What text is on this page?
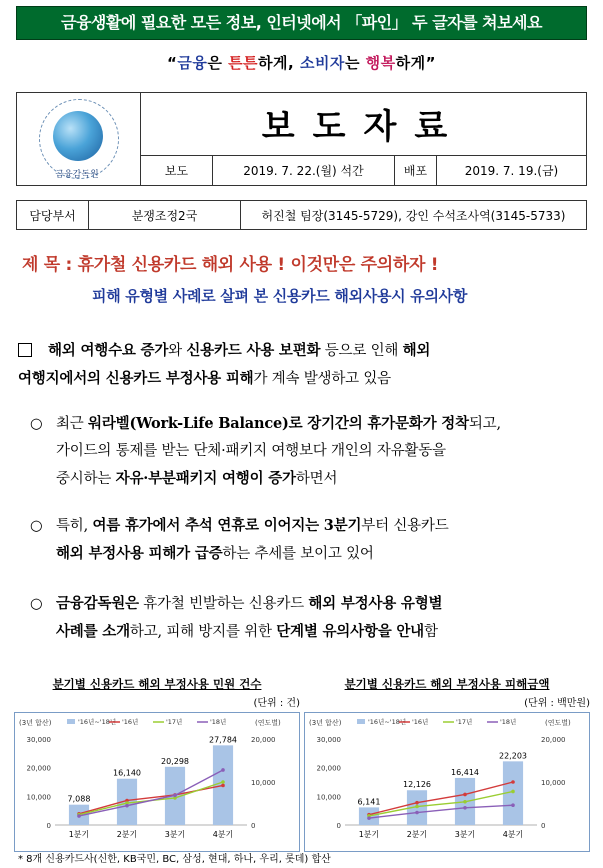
금융생활에 필요한 모든 정보, 인터넷에서 「파인」 두 글자를 쳐보세요
“금융은 튼튼하게, 소비자는 행복하게”
금융감독원	보도자료			
	보도	2019. 7. 22.(월) 석간	배포	2019. 7. 19.(금)
담당부서	분쟁조정2국	허진철 팀장(3145-5729), 강인 수석조사역(3145-5733)
제 목 : 휴가철 신용카드 해외 사용 ! 이것만은 주의하자 !
피해 유형별 사례로 살펴 본 신용카드 해외사용시 유의사항
해외 여행수요 증가와 신용카드 사용 보편화 등으로 인해 해외
여행지에서의 신용카드 부정사용 피해가 계속 발생하고 있음
○ 최근 워라벨(Work-Life Balance)로 장기간의 휴가문화가 정착되고,
가이드의 통제를 받는 단체·패키지 여행보다 개인의 자유활동을
중시하는 자유·부분패키지 여행이 증가하면서
○ 특히, 여름 휴가에서 추석 연휴로 이어지는 3분기부터 신용카드
해외 부정사용 피해가 급증하는 추세를 보이고 있어
○ 금융감독원은 휴가철 빈발하는 신용카드 해외 부정사용 유형별
사례를 소개하고, 피해 방지를 위한 단계별 유의사항을 안내함
분기별 신용카드 해외 부정사용 민원 건수
(단위 : 건)
(3년 합산)	(연도별)
'16년~'18년 '16년	'17년	'18년
0
10,000
20,000
30,000
0
10,000
20,000
7,088
1분기
16,140
2분기
20,298
3분기
27,784
4분기
분기별 신용카드 해외 부정사용 피해금액
(단위 : 백만원)
(3년 합산)	(연도별)
'16년~'18년 '16년	'17년	'18년
0
10,000
20,000
30,000
0
10,000
20,000
6,141
1분기
12,126
2분기
16,414
3분기
22,203
4분기
* 8개 신용카드사(신한, KB국민, BC, 삼성, 현대, 하나, 우리, 롯데) 합산
